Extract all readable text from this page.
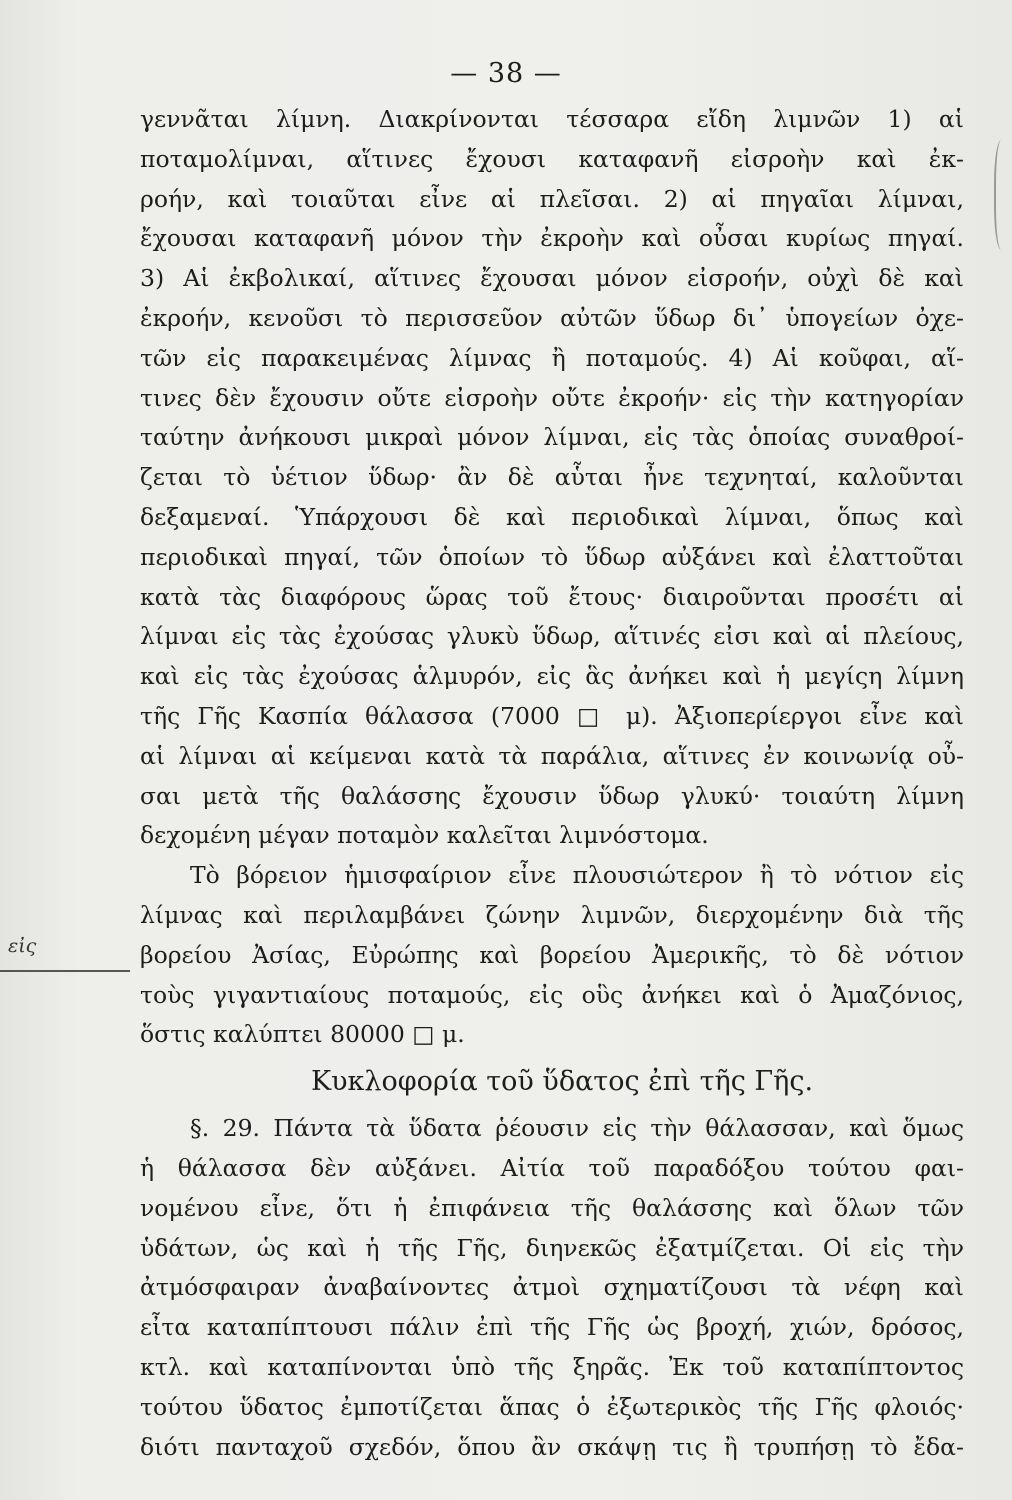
— 38 —
εἰς
γεννᾶται λίμνη. Διακρίνονται τέσσαρα εἴδη λιμνῶν 1) αἱ
ποταμολίμναι, αἵτινες ἔχουσι καταφανῆ εἰσροὴν καὶ ἐκ-
ροήν, καὶ τοιαῦται εἶνε αἱ πλεῖσαι. 2) αἱ πηγαῖαι λίμναι,
ἔχουσαι καταφανῆ μόνον τὴν ἐκροὴν καὶ οὖσαι κυρίως πηγαί.
3) Αἱ ἐκβολικαί, αἵτινες ἔχουσαι μόνον εἰσροήν, οὐχὶ δὲ καὶ
ἐκροήν, κενοῦσι τὸ περισσεῦον αὐτῶν ὕδωρ δι᾽ ὑπογείων ὀχε-
τῶν εἰς παρακειμένας λίμνας ἢ ποταμούς. 4) Αἱ κοῦφαι, αἵ-
τινες δὲν ἔχουσιν οὔτε εἰσροὴν οὔτε ἐκροήν· εἰς τὴν κατηγορίαν
ταύτην ἀνήκουσι μικραὶ μόνον λίμναι, εἰς τὰς ὁποίας συναθροί-
ζεται τὸ ὑέτιον ὕδωρ· ἂν δὲ αὗται ἦνε τεχνηταί, καλοῦνται
δεξαμεναί. Ὑπάρχουσι δὲ καὶ περιοδικαὶ λίμναι, ὅπως καὶ
περιοδικαὶ πηγαί, τῶν ὁποίων τὸ ὕδωρ αὐξάνει καὶ ἐλαττοῦται
κατὰ τὰς διαφόρους ὥρας τοῦ ἔτους· διαιροῦνται προσέτι αἱ
λίμναι εἰς τὰς ἐχούσας γλυκὺ ὕδωρ, αἵτινές εἰσι καὶ αἱ πλείους,
καὶ εἰς τὰς ἐχούσας ἁλμυρόν, εἰς ἃς ἀνήκει καὶ ἡ μεγίςη λίμνη
τῆς Γῆς Κασπία θάλασσα (7000 □ μ). Ἀξιοπερίεργοι εἶνε καὶ
αἱ λίμναι αἱ κείμεναι κατὰ τὰ παράλια, αἵτινες ἐν κοινωνίᾳ οὖ-
σαι μετὰ τῆς θαλάσσης ἔχουσιν ὕδωρ γλυκύ· τοιαύτη λίμνη
δεχομένη μέγαν ποταμὸν καλεῖται λιμνόστομα.
Τὸ βόρειον ἡμισφαίριον εἶνε πλουσιώτερον ἢ τὸ νότιον εἰς
λίμνας καὶ περιλαμβάνει ζώνην λιμνῶν, διερχομένην διὰ τῆς
βορείου Ἀσίας, Εὐρώπης καὶ βορείου Ἀμερικῆς, τὸ δὲ νότιον
τοὺς γιγαντιαίους ποταμούς, εἰς οὓς ἀνήκει καὶ ὁ Ἀμαζόνιος,
ὅστις καλύπτει 80000 □ μ.
Κυκλοφορία τοῦ ὕδατος ἐπὶ τῆς Γῆς.
§. 29. Πάντα τὰ ὕδατα ῥέουσιν εἰς τὴν θάλασσαν, καὶ ὅμως
ἡ θάλασσα δὲν αὐξάνει. Αἰτία τοῦ παραδόξου τούτου φαι-
νομένου εἶνε, ὅτι ἡ ἐπιφάνεια τῆς θαλάσσης καὶ ὅλων τῶν
ὑδάτων, ὡς καὶ ἡ τῆς Γῆς, διηνεκῶς ἐξατμίζεται. Οἱ εἰς τὴν
ἀτμόσφαιραν ἀναβαίνοντες ἀτμοὶ σχηματίζουσι τὰ νέφη καὶ
εἶτα καταπίπτουσι πάλιν ἐπὶ τῆς Γῆς ὡς βροχή, χιών, δρόσος,
κτλ. καὶ καταπίνονται ὑπὸ τῆς ξηρᾶς. Ἐκ τοῦ καταπίπτοντος
τούτου ὕδατος ἐμποτίζεται ἅπας ὁ ἐξωτερικὸς τῆς Γῆς φλοιός·
διότι πανταχοῦ σχεδόν, ὅπου ἂν σκάψῃ τις ἢ τρυπήσῃ τὸ ἔδα-
